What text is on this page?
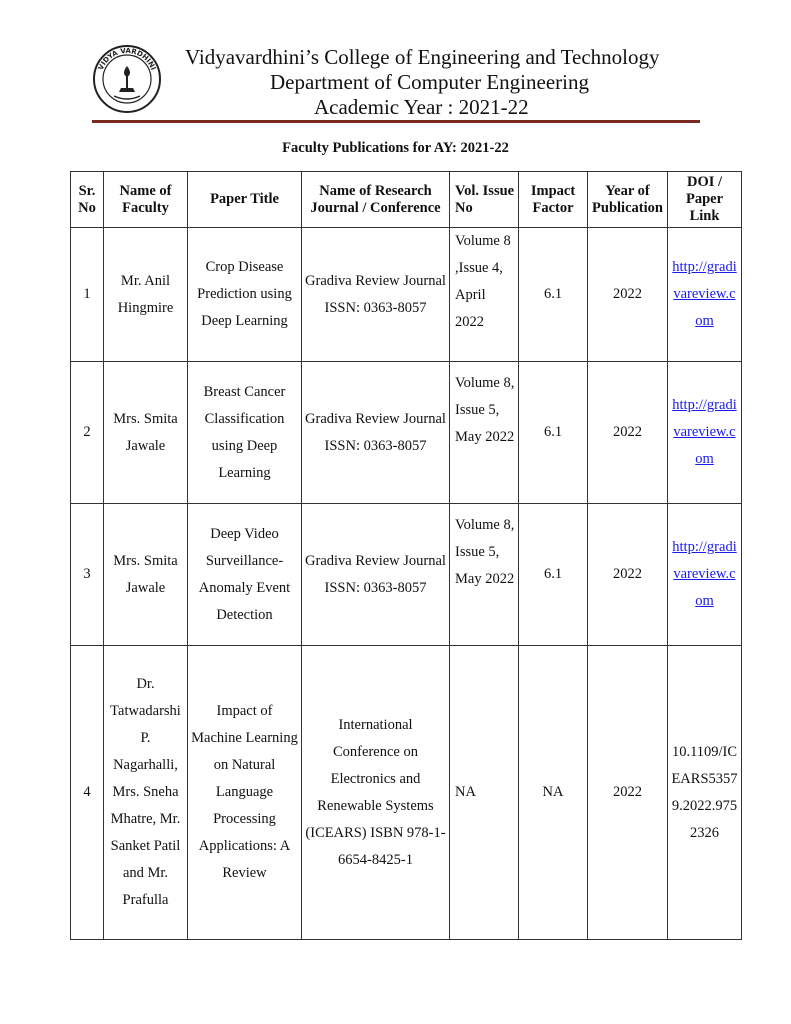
VIDYA VARDHINI Vidyavardhini’s College of Engineering and Technology
Department of Computer Engineering
Academic Year : 2021-22
Faculty Publications for AY: 2021-22
Sr. No	Name of Faculty	Paper Title	Name of Research Journal / Conference	Vol. Issue No	Impact Factor	Year of Publication	DOI / Paper Link
1	Mr. Anil Hingmire	Crop Disease Prediction using Deep Learning	Gradiva Review Journal ISSN: 0363-8057	Volume 8 ,Issue 4, April 2022	6.1	2022	http://gradivareview.com
2	Mrs. Smita Jawale	Breast Cancer Classification using Deep Learning	Gradiva Review Journal ISSN: 0363-8057	Volume 8, Issue 5, May 2022	6.1	2022	http://gradivareview.com
3	Mrs. Smita Jawale	Deep Video Surveillance- Anomaly Event Detection	Gradiva Review Journal ISSN: 0363-8057	Volume 8, Issue 5, May 2022	6.1	2022	http://gradivareview.com
4	Dr. Tatwadarshi P. Nagarhalli, Mrs. Sneha Mhatre, Mr. Sanket Patil and Mr. Prafulla	Impact of Machine Learning on Natural Language Processing Applications: A Review	International Conference on Electronics and Renewable Systems (ICEARS) ISBN 978-1-6654-8425-1	NA	NA	2022	10.1109/ICEARS53579.2022.9752326
